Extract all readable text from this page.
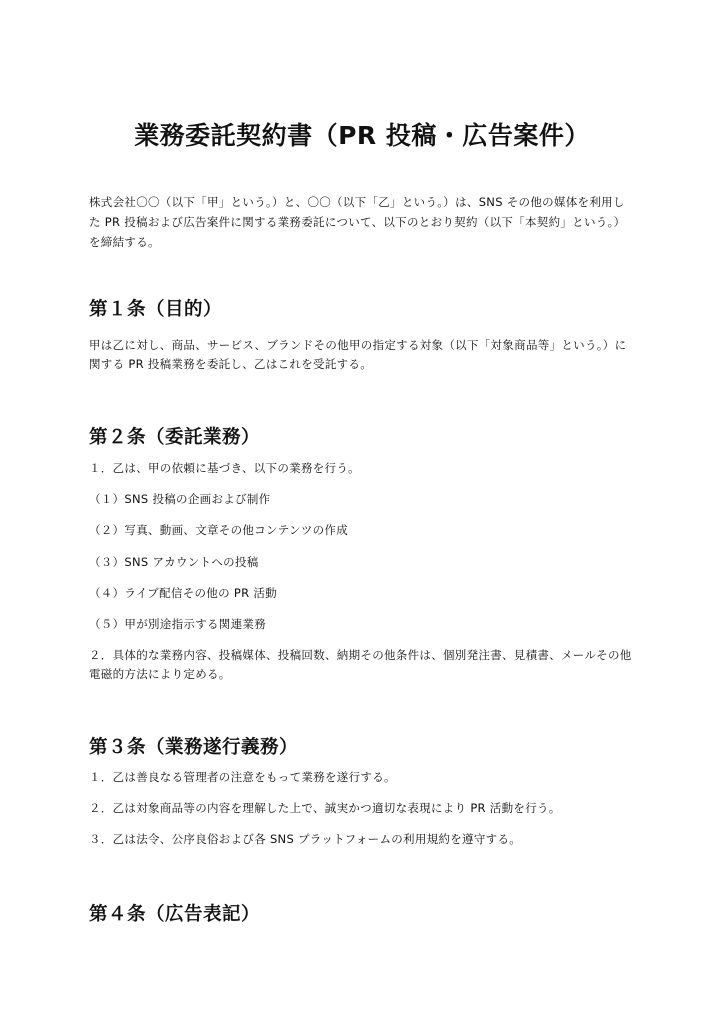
業務委託契約書（PR 投稿・広告案件）

株式会社〇〇（以下「甲」という。）と、〇〇（以下「乙」という。）は、SNS その他の媒体を利用した PR 投稿および広告案件に関する業務委託について、以下のとおり契約（以下「本契約」という。）を締結する。

第１条（目的）

甲は乙に対し、商品、サービス、ブランドその他甲の指定する対象（以下「対象商品等」という。）に関する PR 投稿業務を委託し、乙はこれを受託する。

第２条（委託業務）

１．乙は、甲の依頼に基づき、以下の業務を行う。

（１）SNS 投稿の企画および制作

（２）写真、動画、文章その他コンテンツの作成

（３）SNS アカウントへの投稿

（４）ライブ配信その他の PR 活動

（５）甲が別途指示する関連業務

２．具体的な業務内容、投稿媒体、投稿回数、納期その他条件は、個別発注書、見積書、メールその他電磁的方法により定める。

第３条（業務遂行義務）

１．乙は善良なる管理者の注意をもって業務を遂行する。

２．乙は対象商品等の内容を理解した上で、誠実かつ適切な表現により PR 活動を行う。

３．乙は法令、公序良俗および各 SNS プラットフォームの利用規約を遵守する。

第４条（広告表記）
